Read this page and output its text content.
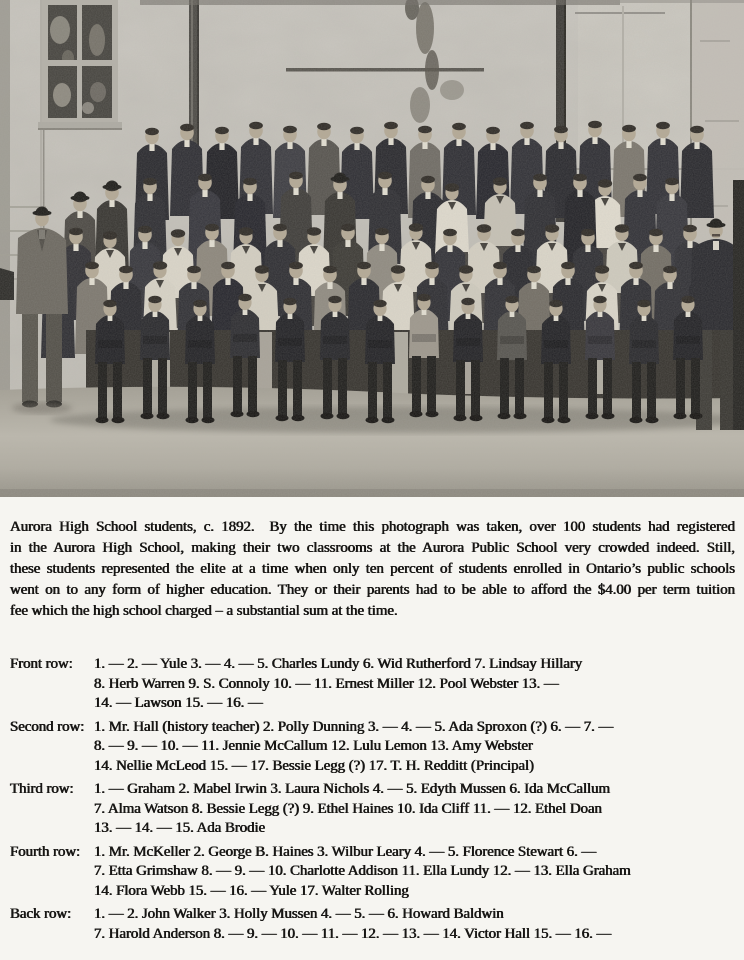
Aurora High School students, c. 1892. By the time this photograph was taken, over 100 students had registered

in the Aurora High School, making their two classrooms at the Aurora Public School very crowded indeed. Still,

these students represented the elite at a time when only ten percent of students enrolled in Ontario’s public schools

went on to any form of higher education. They or their parents had to be able to afford the $4.00 per term tuition

fee which the high school charged – a substantial sum at the time.

Front row:	1. — 2. — Yule 3. — 4. — 5. Charles Lundy 6. Wid Rutherford 7. Lindsay Hillary
8. Herb Warren 9. S. Connoly 10. — 11. Ernest Miller 12. Pool Webster 13. —
14. — Lawson 15. — 16. —
Second row: 1. Mr. Hall (history teacher) 2. Polly Dunning 3. — 4. — 5. Ada Sproxon (?) 6. — 7. —
8. — 9. — 10. — 11. Jennie McCallum 12. Lulu Lemon 13. Amy Webster
14. Nellie McLeod 15. — 17. Bessie Legg (?) 17. T. H. Redditt (Principal)
Third row:	1. — Graham 2. Mabel Irwin 3. Laura Nichols 4. — 5. Edyth Mussen 6. Ida McCallum
7. Alma Watson 8. Bessie Legg (?) 9. Ethel Haines 10. Ida Cliff 11. — 12. Ethel Doan
13. — 14. — 15. Ada Brodie
Fourth row: 1. Mr. McKeller 2. George B. Haines 3. Wilbur Leary 4. — 5. Florence Stewart 6. —
7. Etta Grimshaw 8. — 9. — 10. Charlotte Addison 11. Ella Lundy 12. — 13. Ella Graham
14. Flora Webb 15. — 16. — Yule 17. Walter Rolling
Back row:	1. — 2. John Walker 3. Holly Mussen 4. — 5. — 6. Howard Baldwin
7. Harold Anderson 8. — 9. — 10. — 11. — 12. — 13. — 14. Victor Hall 15. — 16. —
